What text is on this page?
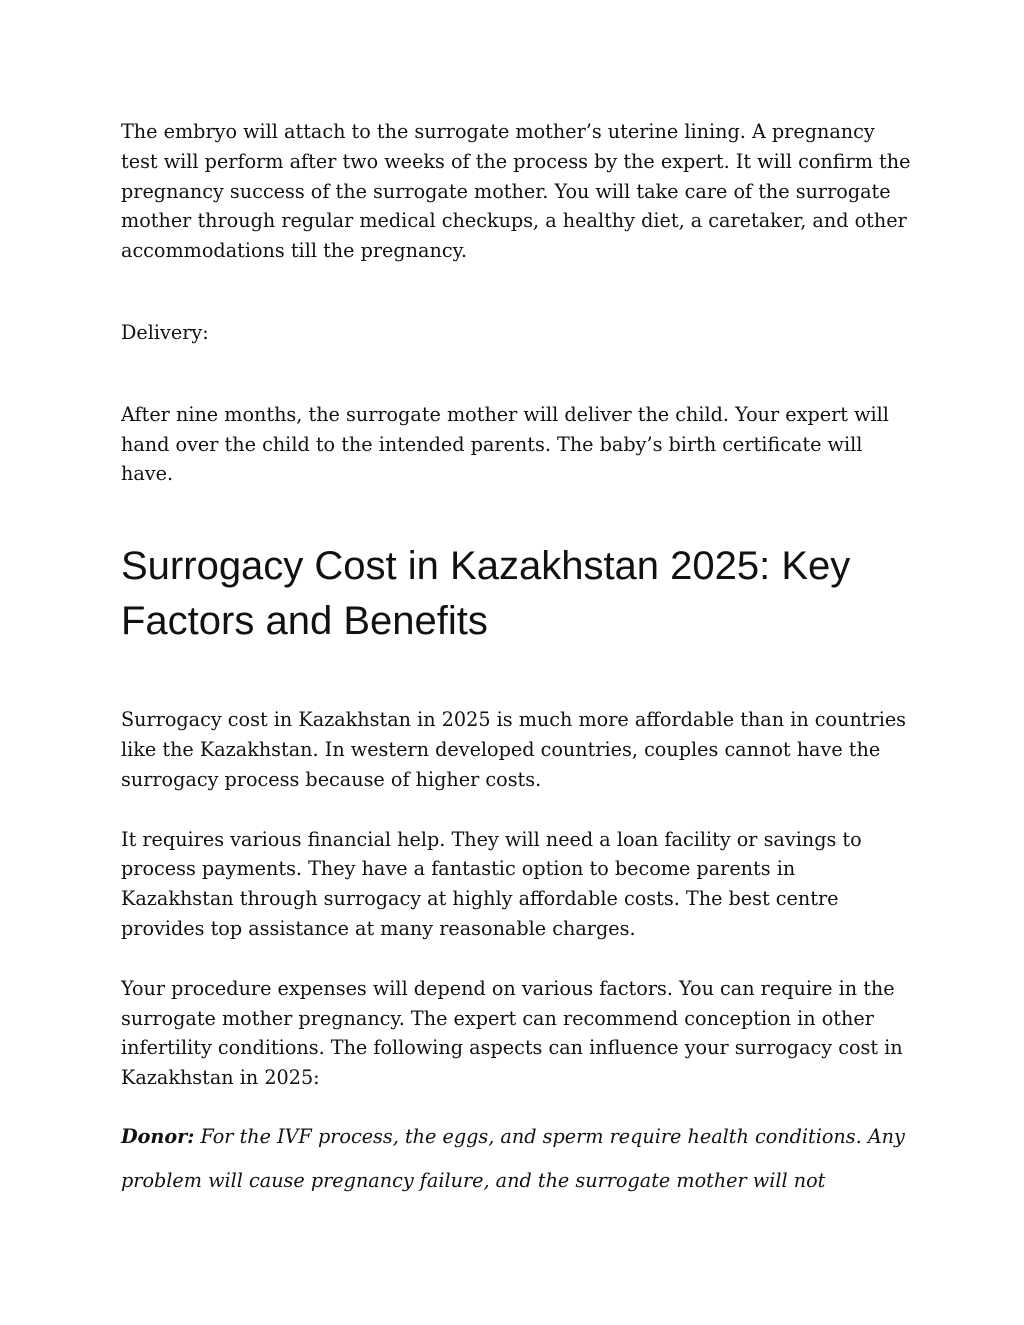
The embryo will attach to the surrogate mother’s uterine lining. A pregnancy test will perform after two weeks of the process by the expert. It will confirm the pregnancy success of the surrogate mother. You will take care of the surrogate mother through regular medical checkups, a healthy diet, a caretaker, and other accommodations till the pregnancy.

Delivery:

After nine months, the surrogate mother will deliver the child. Your expert will hand over the child to the intended parents. The baby’s birth certificate will have.

Surrogacy Cost in Kazakhstan 2025: Key Factors and Benefits

Surrogacy cost in Kazakhstan in 2025 is much more affordable than in countries like the Kazakhstan. In western developed countries, couples cannot have the surrogacy process because of higher costs.

It requires various financial help. They will need a loan facility or savings to process payments. They have a fantastic option to become parents in Kazakhstan through surrogacy at highly affordable costs. The best centre provides top assistance at many reasonable charges.

Your procedure expenses will depend on various factors. You can require in the surrogate mother pregnancy. The expert can recommend conception in other infertility conditions. The following aspects can influence your surrogacy cost in Kazakhstan in 2025:

Donor: For the IVF process, the eggs, and sperm require health conditions. Any problem will cause pregnancy failure, and the surrogate mother will not
